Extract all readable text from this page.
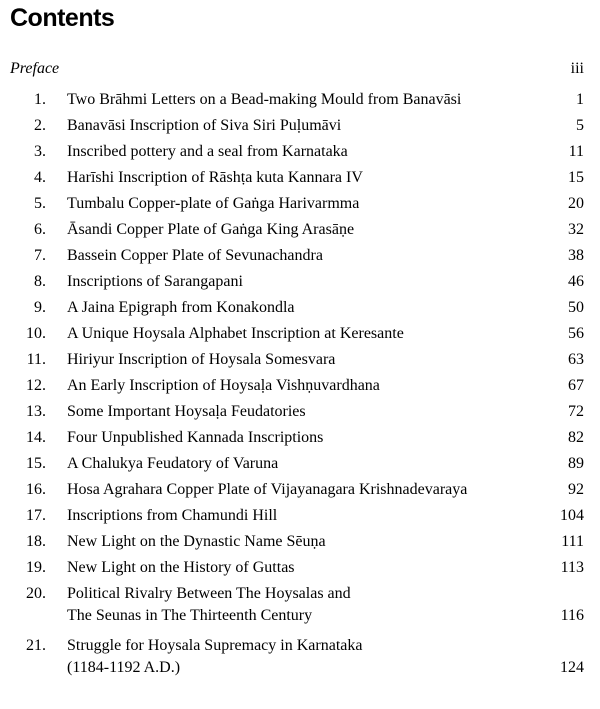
Contents
Preface	iii
1. Two Brāhmi Letters on a Bead-making Mould from Banavāsi	1
2. Banavāsi Inscription of Siva Siri Puḷumāvi	5
3. Inscribed pottery and a seal from Karnataka	11
4. Harīshi Inscription of Rāshṭa kuta Kannara IV	15
5. Tumbalu Copper-plate of Gaṅga Harivarmma	20
6. Āsandi Copper Plate of Gaṅga King Arasāṇe	32
7. Bassein Copper Plate of Sevunachandra	38
8. Inscriptions of Sarangapani	46
9. A Jaina Epigraph from Konakondla	50
10. A Unique Hoysala Alphabet Inscription at Keresante	56
11. Hiriyur Inscription of Hoysala Somesvara	63
12. An Early Inscription of Hoysaḷa Vishṇuvardhana	67
13. Some Important Hoysaḷa Feudatories	72
14. Four Unpublished Kannada Inscriptions	82
15. A Chalukya Feudatory of Varuna	89
16. Hosa Agrahara Copper Plate of Vijayanagara Krishnadevaraya	92
17. Inscriptions from Chamundi Hill	104
18. New Light on the Dynastic Name Sēuṇa	111
19. New Light on the History of Guttas	113
20. Political Rivalry Between The Hoysalas and
The Seunas in The Thirteenth Century	116
21. Struggle for Hoysala Supremacy in Karnataka
(1184-1192 A.D.)	124
